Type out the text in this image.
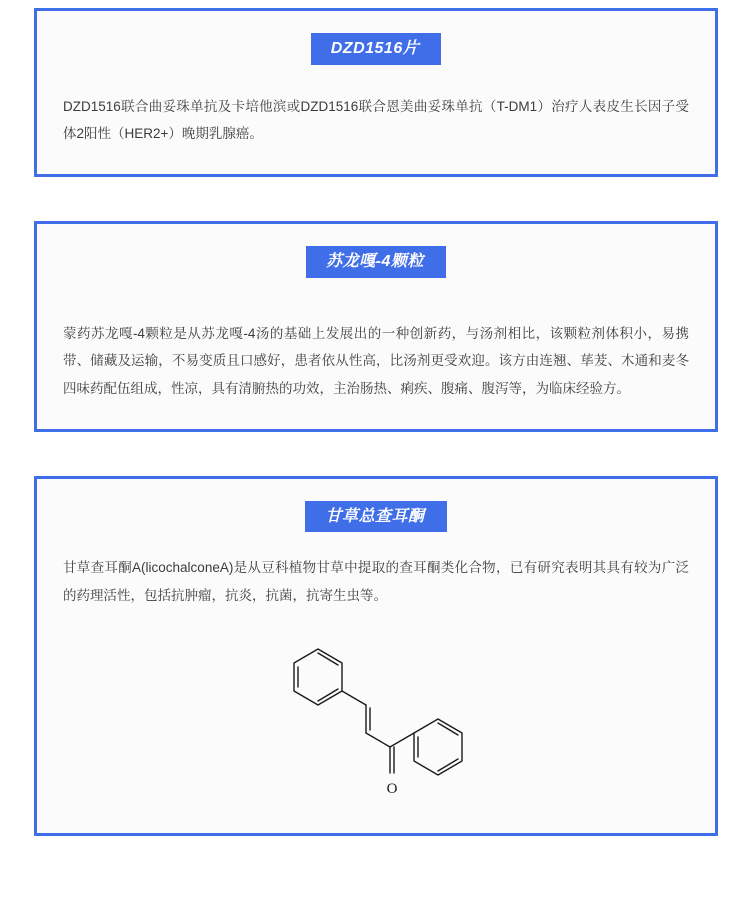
DZD1516片

DZD1516联合曲妥珠单抗及卡培他滨或DZD1516联合恩美曲妥珠单抗（T-DM1）治疗人表皮生长因子受体2阳性（HER2+）晚期乳腺癌。

苏龙嘎-4颗粒

蒙药苏龙嘎-4颗粒是从苏龙嘎-4汤的基础上发展出的一种创新药，与汤剂相比，该颗粒剂体积小，易携带、储藏及运输，不易变质且口感好，患者依从性高，比汤剂更受欢迎。该方由连翘、荜茇、木通和麦冬四味药配伍组成，性凉，具有清腑热的功效，主治肠热、痢疾、腹痛、腹泻等，为临床经验方。

甘草总查耳酮

甘草查耳酮A(licochalconeA)是从豆科植物甘草中提取的查耳酮类化合物，已有研究表明其具有较为广泛的药理活性，包括抗肿瘤，抗炎，抗菌，抗寄生虫等。

O
